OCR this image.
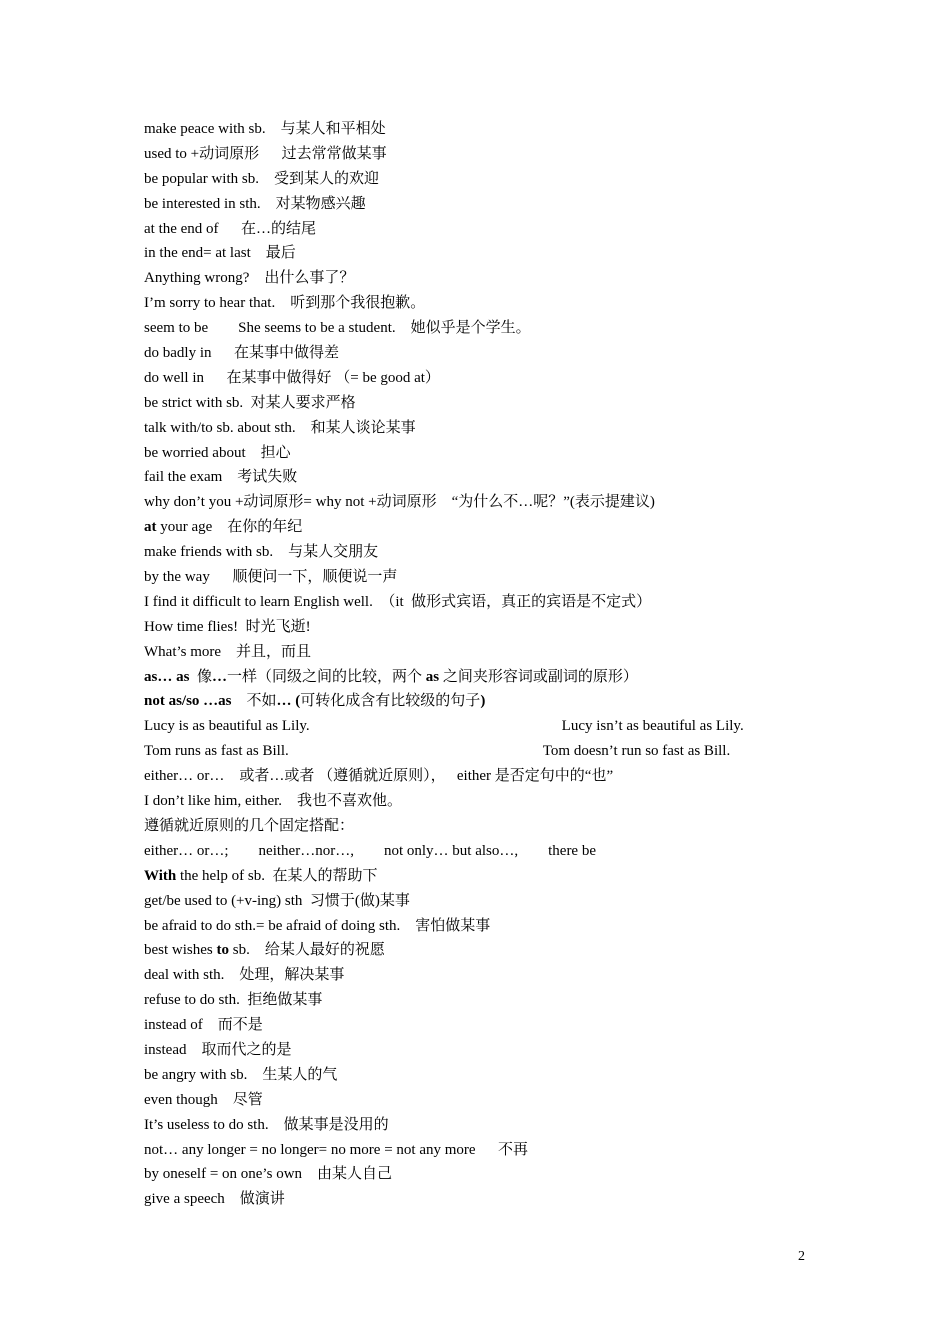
make peace with sb.    与某人和平相处
used to +动词原形      过去常常做某事
be popular with sb.    受到某人的欢迎
be interested in sth.    对某物感兴趣
at the end of      在…的结尾
in the end= at last    最后
Anything wrong?    出什么事了？
I’m sorry to hear that.    听到那个我很抱歉。
seem to be        She seems to be a student.    她似乎是个学生。
do badly in      在某事中做得差
do well in      在某事中做得好 （= be good at）
be strict with sb.  对某人要求严格
talk with/to sb. about sth.    和某人谈论某事
be worried about    担心
fail the exam    考试失败
why don’t you +动词原形= why not +动词原形    “为什么不…呢？”(表示提建议)
at your age    在你的年纪
make friends with sb.    与某人交朋友
by the way      顺便问一下，顺便说一声
I find it difficult to learn English well.  （it  做形式宾语，真正的宾语是不定式）
How time flies!  时光飞逝!
What’s more    并且，而且
as… as  像…一样（同级之间的比较，两个 as 之间夹形容词或副词的原形）
not as/so …as    不如… (可转化成含有比较级的句子)
Lucy is as beautiful as Lily.	Lucy isn’t as beautiful as Lily.
Tom runs as fast as Bill.	Tom doesn’t run so fast as Bill.
either… or…    或者…或者 （遵循就近原则），   either 是否定句中的“也”
I don’t like him, either.    我也不喜欢他。
遵循就近原则的几个固定搭配：
either… or…;        neither…nor…,        not only… but also…,        there be
With the help of sb.  在某人的帮助下
get/be used to (+v-ing) sth  习惯于(做)某事
be afraid to do sth.= be afraid of doing sth.    害怕做某事
best wishes to sb.    给某人最好的祝愿
deal with sth.    处理，解决某事
refuse to do sth.  拒绝做某事
instead of    而不是
instead    取而代之的是
be angry with sb.    生某人的气
even though    尽管
It’s useless to do sth.    做某事是没用的
not… any longer = no longer= no more = not any more      不再
by oneself = on one’s own    由某人自己
give a speech    做演讲
2
